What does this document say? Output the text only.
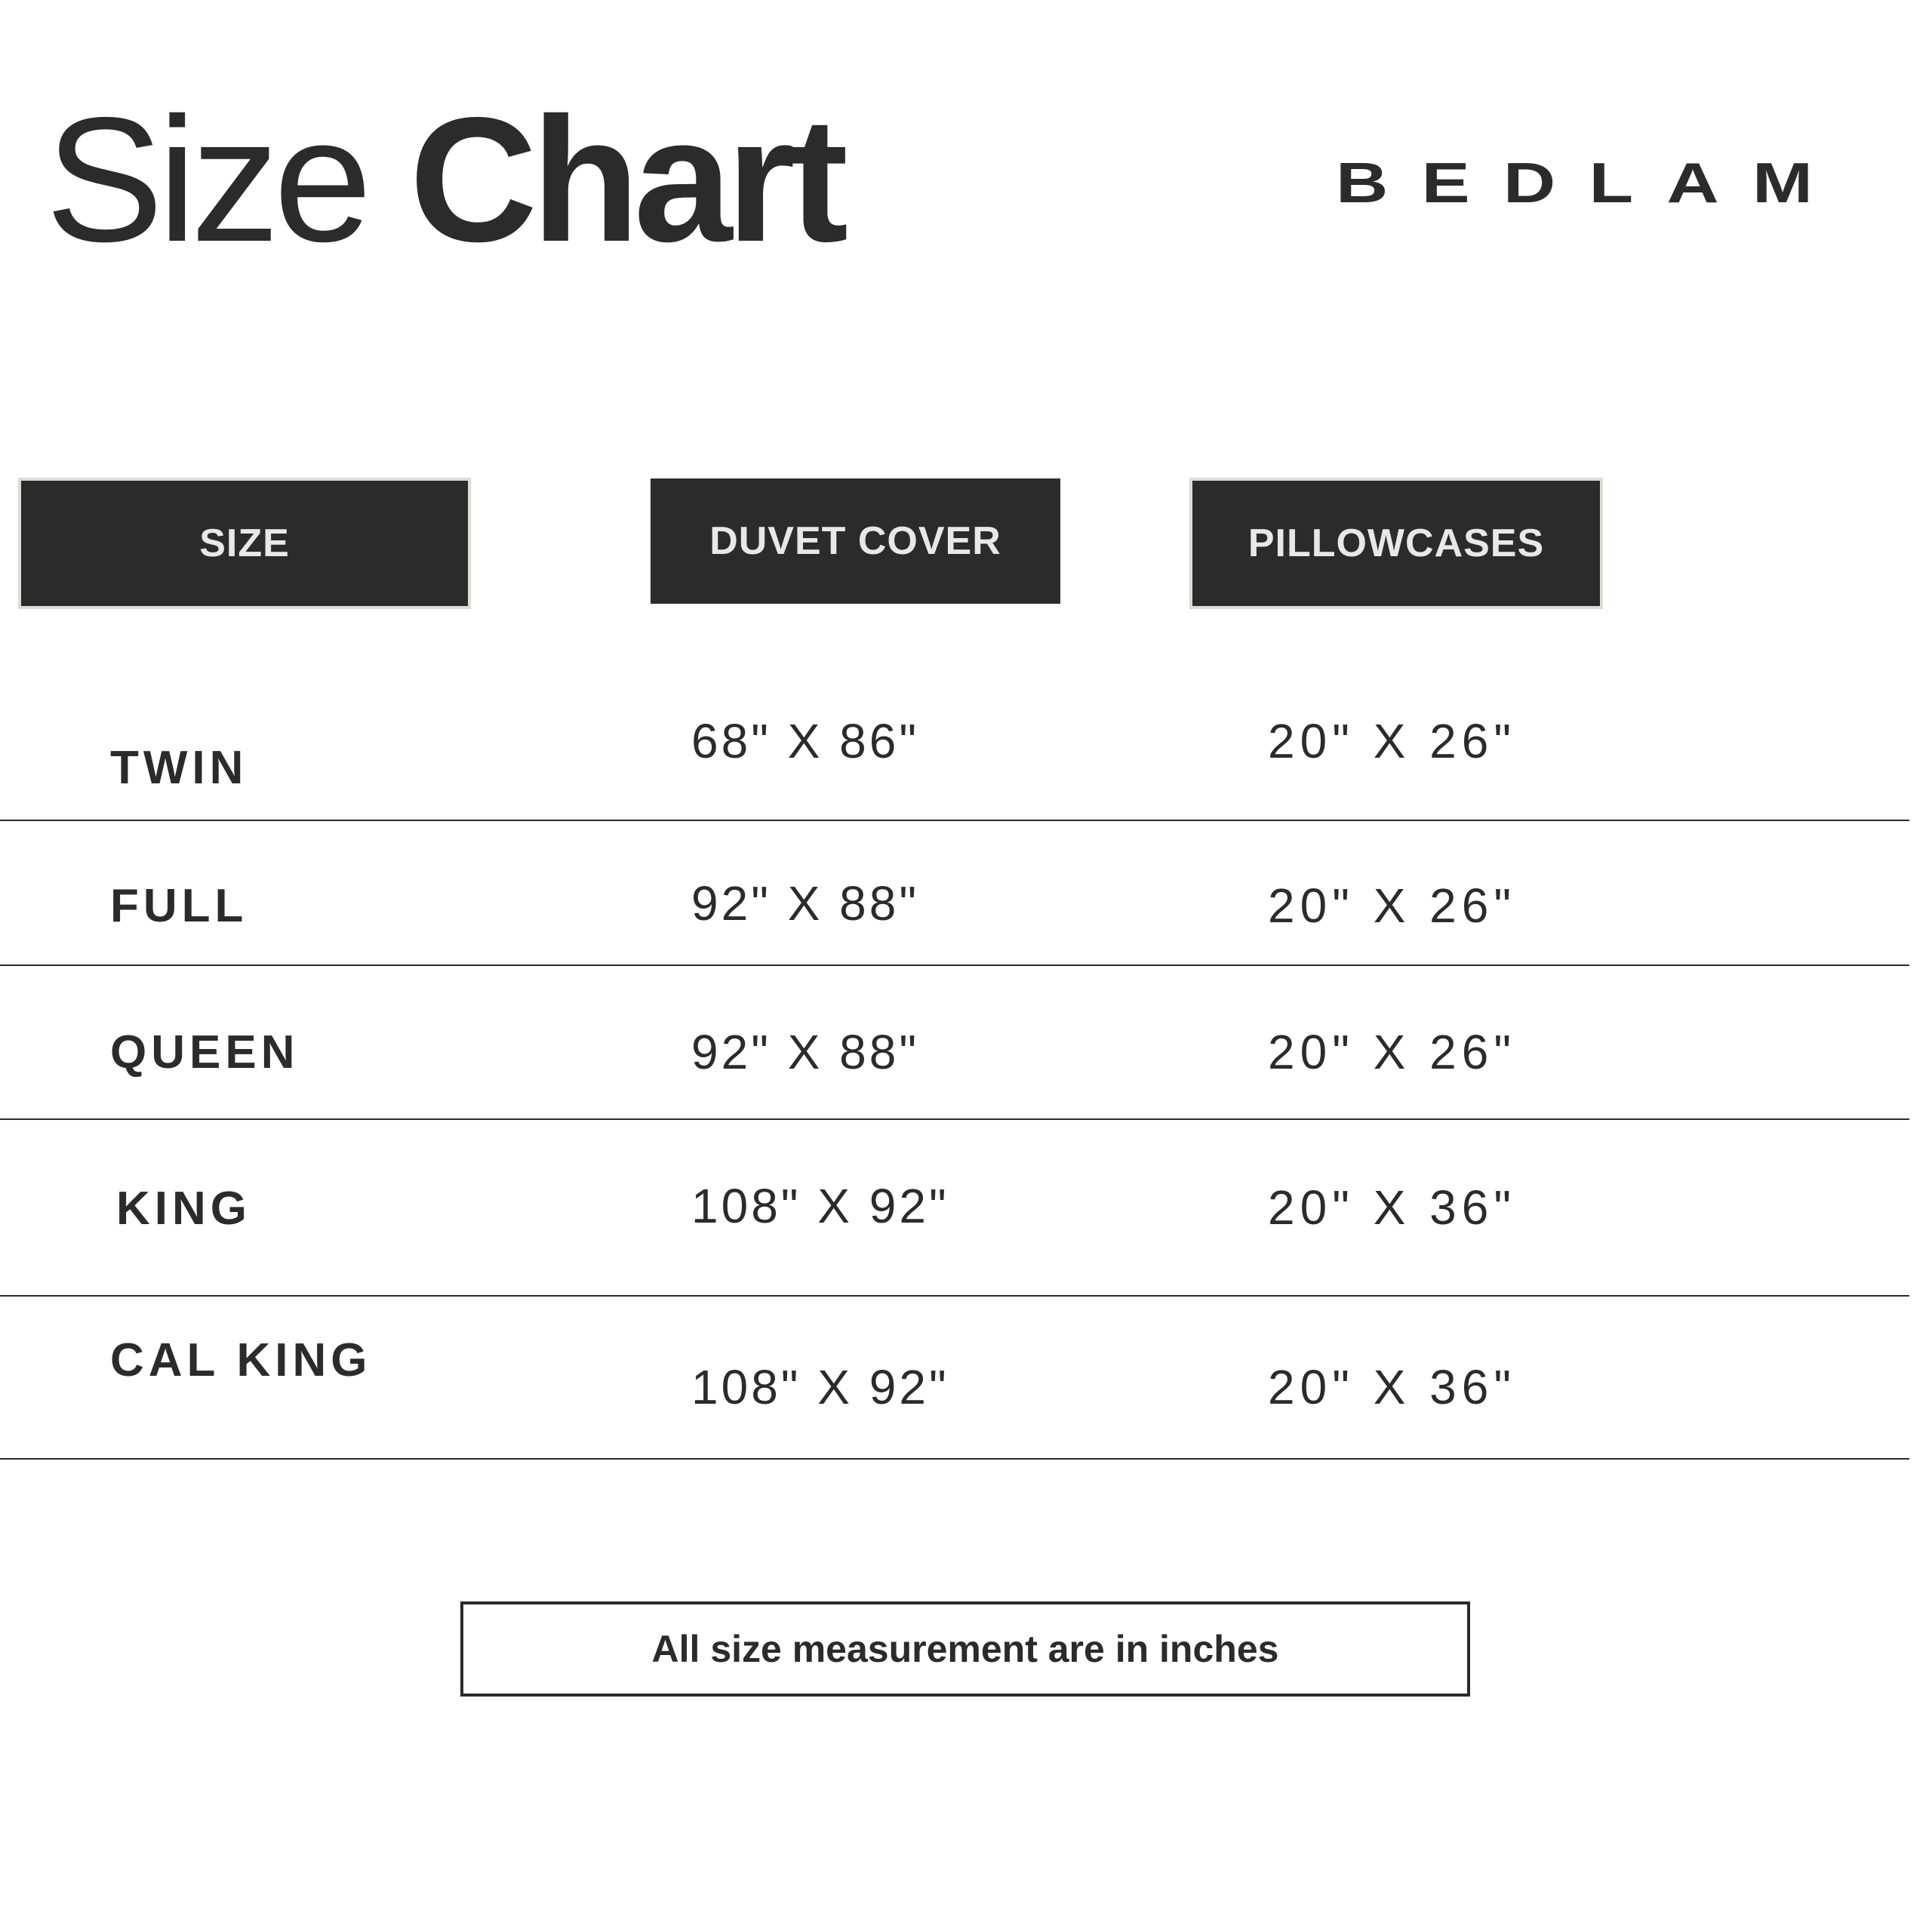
Size Chart	B E D L A M
SIZE	DUVET COVER	PILLOWCASES
TWIN	68" X 86"	20" X 26"
FULL	92" X 88"	20" X 26"
QUEEN	92" X 88"	20" X 26"
KING	108" X 92"	20" X 36"
CAL KING	108" X 92"	20" X 36"
All size measurement are in inches
